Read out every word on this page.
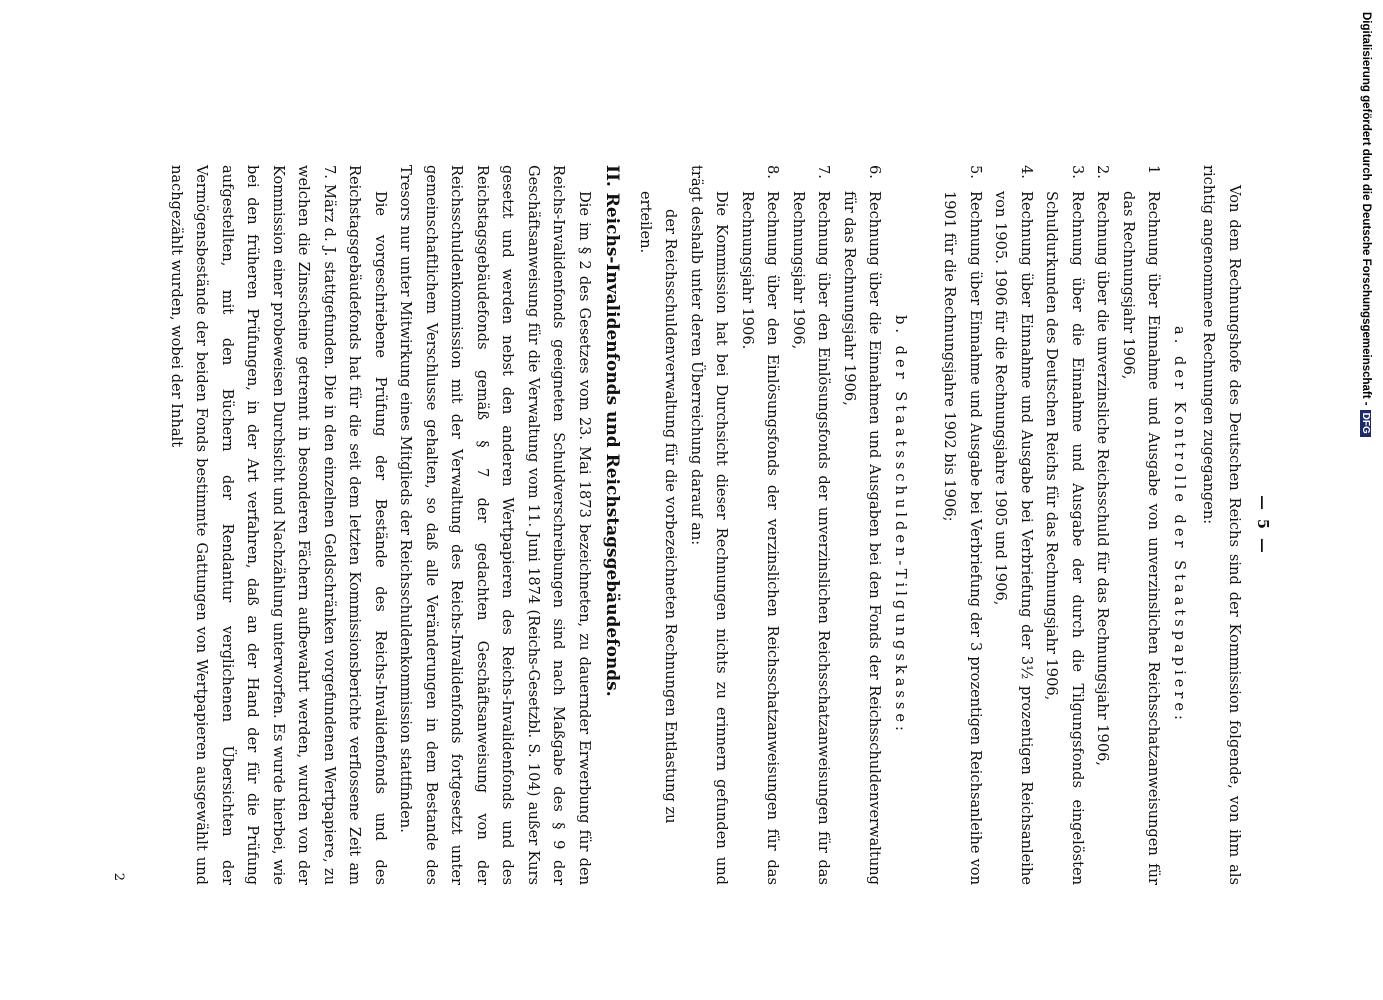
— 5 —
Von dem Rechnungshofe des Deutschen Reichs sind der Kommission folgende, von ihm als richtig angenommene Rechnungen zugegangen:
a. der Kontrolle der Staatspapiere:
1
Rechnung über Einnahme und Ausgabe von unverzinslichen Reichsschatzanweisungen für das Rechnungsjahr 1906,
2.
Rechnung über die unverzinsliche Reichsschuld für das Rechnungsjahr 1906,
3.
Rechnung über die Einnahme und Ausgabe der durch die Tilgungsfonds eingelösten Schuldurkunden des Deutschen Reichs für das Rechnungsjahr 1906,
4.
Rechnung über Einnahme und Ausgabe bei Verbriefung der 3½ prozentigen Reichsanleihe von 1905. 1906 für die Rechnungsjahre 1905 und 1906,
5.
Rechnung über Einnahme und Ausgabe bei Verbriefung der 3 prozentigen Reichsanleihe von 1901 für die Rechnungsjahre 1902 bis 1906;
b. der Staatsschulden-Tilgungskasse:
6.
Rechnung über die Einnahmen und Ausgaben bei den Fonds der Reichsschuldenverwaltung für das Rechnungsjahr 1906,
7.
Rechnung über den Einlösungsfonds der unverzinslichen Reichsschatzanweisungen für das Rechnungsjahr 1906,
8.
Rechnung über den Einlösungsfonds der verzinslichen Reichsschatzanweisungen für das Rechnungsjahr 1906.
Die Kommission hat bei Durchsicht dieser Rechnungen nichts zu erinnern gefunden und trägt deshalb unter deren Überreichung darauf an:
der Reichsschuldenverwaltung für die vorbezeichneten Rechnungen Entlastung zu erteilen.
II. Reichs-Invalidenfonds und Reichstagsgebäudefonds.
Die im § 2 des Gesetzes vom 23. Mai 1873 bezeichneten, zu dauernder Erwerbung für den Reichs-Invalidenfonds geeigneten Schuldverschreibungen sind nach Maßgabe des § 9 der Geschäftsanweisung für die Verwaltung vom 11. Juni 1874 (Reichs-Gesetzbl. S. 104) außer Kurs gesetzt und werden nebst den anderen Wertpapieren des Reichs-Invalidenfonds und des Reichstagsgebäudefonds gemäß § 7 der gedachten Geschäftsanweisung von der Reichsschuldenkommission mit der Verwaltung des Reichs-Invalidenfonds fortgesetzt unter gemeinschaftlichem Verschlusse gehalten, so daß alle Veränderungen in dem Bestande des Tresors nur unter Mitwirkung eines Mitglieds der Reichsschuldenkommission stattfinden.
Die vorgeschriebene Prüfung der Bestände des Reichs-Invalidenfonds und des Reichstagsgebäudefonds hat für die seit dem letzten Kommissionsberichte verflossene Zeit am 7. März d. J. stattgefunden. Die in den einzelnen Geldschränken vorgefundenen Wertpapiere, zu welchen die Zinsscheine getrennt in besonderen Fächern aufbewahrt werden, wurden von der Kommission einer probeweisen Durchsicht und Nachzählung unterworfen. Es wurde hierbei, wie bei den früheren Prüfungen, in der Art verfahren, daß an der Hand der für die Prüfung aufgestellten, mit den Büchern der Rendantur verglichenen Übersichten der Vermögensbestände der beiden Fonds bestimmte Gattungen von Wertpapieren ausgewählt und nachgezählt wurden, wobei der Inhalt
2
Digitalisierung gefördert durch die Deutsche Forschungsgemeinschaft -DFG
